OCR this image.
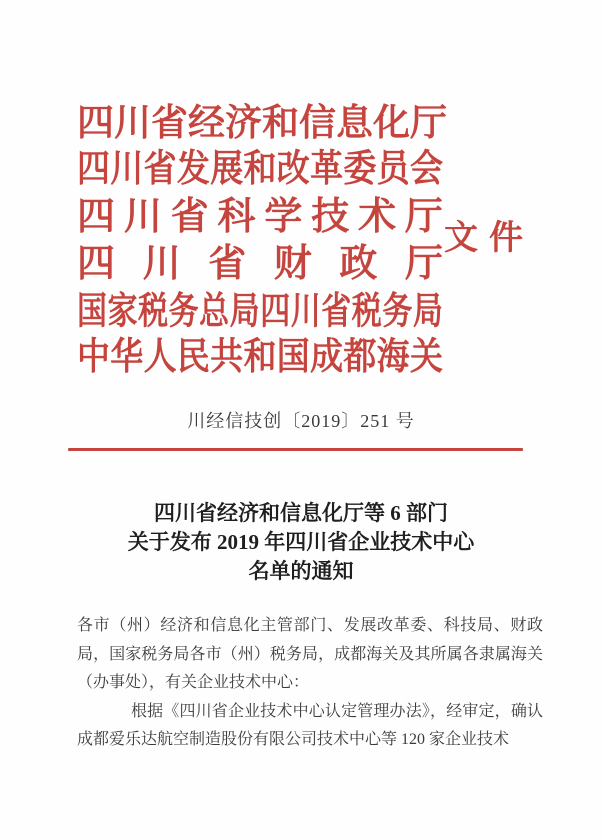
四 川 省 经 济 和 信 息 化 厅
四 川 省 发 展 和 改 革 委 员 会
四 川 省 科 学 技 术 厅
四 川 省 财 政 厅
国 家 税 务 总 局 四 川 省 税 务 局
中 华 人 民 共 和 国 成 都 海 关
文件
川经信技创〔2019〕251 号
四川省经济和信息化厅等 6 部门
关于发布 2019 年四川省企业技术中心
名单的通知

各市（州）经济和信息化主管部门、发展改革委、科技局、财政局，国家税务局各市（州）税务局，成都海关及其所属各隶属海关（办事处），有关企业技术中心：

根据《四川省企业技术中心认定管理办法》，经审定，确认成都爱乐达航空制造股份有限公司技术中心等 120 家企业技术
